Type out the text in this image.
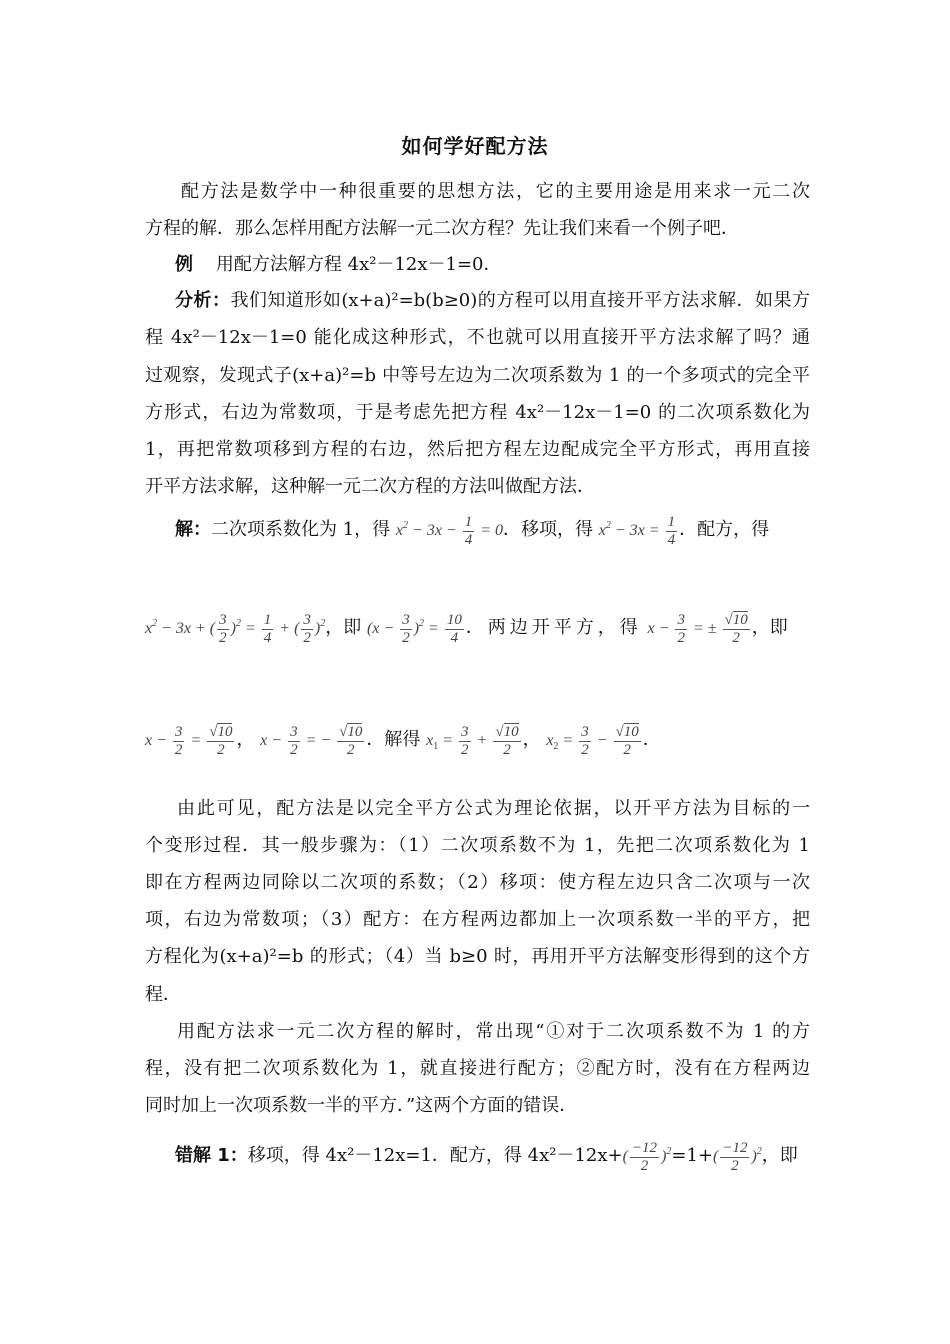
如何学好配方法
配方法是数学中一种很重要的思想方法，它的主要用途是用来求一元二次
方程的解．那么怎样用配方法解一元二次方程？先让我们来看一个例子吧．
例 用配方法解方程 4x²－12x－1=0．
分析：我们知道形如(x+a)²=b(b≥0)的方程可以用直接开平方法求解．如果方
程 4x²－12x－1=0 能化成这种形式，不也就可以用直接开平方法求解了吗？通
过观察，发现式子(x+a)²=b 中等号左边为二次项系数为 1 的一个多项式的完全平
方形式，右边为常数项，于是考虑先把方程 4x²－12x－1=0 的二次项系数化为
1，再把常数项移到方程的右边，然后把方程左边配成完全平方形式，再用直接
开平方法求解，这种解一元二次方程的方法叫做配方法．
解：二次项系数化为 1，得 $x^2 - 3x - \frac{1}{4} = 0$．移项，得 $x^2 - 3x = \frac{1}{4}$ ．配方，得
$x^2 - 3x$ + ( $\frac{3}{2} )^2 = \frac{1}{4}$ + ( $\frac{3}{2} )^2$，即 $(x - \frac{3}{2} )^2 = \frac{10}{4}$ ．两边开平方，得 $x - \frac{3}{2}$ = ± $\frac{√10}{2}$ ，即
$x - \frac{3}{2} = \frac{√10}{2}$ ， $x - \frac{3}{2}$ = − $\frac{√10}{2}$ ．解得 $x_1 = \frac{3}{2} + \frac{√10}{2}$ ， $x_2 = \frac{3}{2} - \frac{√10}{2}$ ．
由此可见，配方法是以完全平方公式为理论依据，以开平方法为目标的一
个变形过程．其一般步骤为：（1）二次项系数不为 1，先把二次项系数化为 1
即在方程两边同除以二次项的系数；（2）移项：使方程左边只含二次项与一次
项，右边为常数项；（3）配方：在方程两边都加上一次项系数一半的平方，把
方程化为(x+a)²=b 的形式；（4）当 b≥0 时，再用开平方法解变形得到的这个方
程．
用配方法求一元二次方程的解时，常出现“①对于二次项系数不为 1 的方
程，没有把二次项系数化为 1，就直接进行配方；②配方时，没有在方程两边
同时加上一次项系数一半的平方．”这两个方面的错误．
错解 1：移项，得 4x²－12x=1．配方，得 $4x^2-12x+( \frac{-12}{2} )^2=1+( \frac{-12}{2} )^2$，即
